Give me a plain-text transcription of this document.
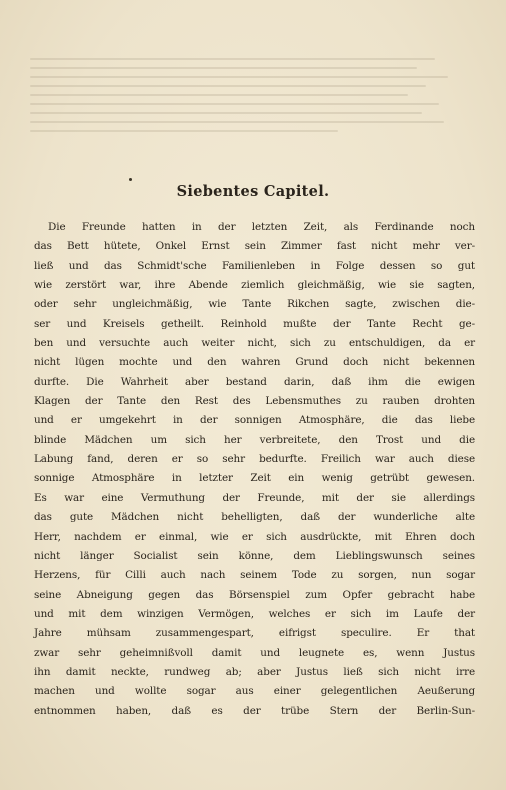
Siebentes Capitel.
Die Freunde hatten in der letzten Zeit, als Ferdinande noch
das Bett hütete, Onkel Ernst sein Zimmer fast nicht mehr ver-
ließ und das Schmidt'sche Familienleben in Folge dessen so gut
wie zerstört war, ihre Abende ziemlich gleichmäßig, wie sie sagten,
oder sehr ungleichmäßig, wie Tante Rikchen sagte, zwischen die-
ser und Kreisels getheilt. Reinhold mußte der Tante Recht ge-
ben und versuchte auch weiter nicht, sich zu entschuldigen, da er
nicht lügen mochte und den wahren Grund doch nicht bekennen
durfte. Die Wahrheit aber bestand darin, daß ihm die ewigen
Klagen der Tante den Rest des Lebensmuthes zu rauben drohten
und er umgekehrt in der sonnigen Atmosphäre, die das liebe
blinde Mädchen um sich her verbreitete, den Trost und die
Labung fand, deren er so sehr bedurfte. Freilich war auch diese
sonnige Atmosphäre in letzter Zeit ein wenig getrübt gewesen.
Es war eine Vermuthung der Freunde, mit der sie allerdings
das gute Mädchen nicht behelligten, daß der wunderliche alte
Herr, nachdem er einmal, wie er sich ausdrückte, mit Ehren doch
nicht länger Socialist sein könne, dem Lieblingswunsch seines
Herzens, für Cilli auch nach seinem Tode zu sorgen, nun sogar
seine Abneigung gegen das Börsenspiel zum Opfer gebracht habe
und mit dem winzigen Vermögen, welches er sich im Laufe der
Jahre mühsam zusammengespart, eifrigst speculire. Er that
zwar sehr geheimnißvoll damit und leugnete es, wenn Justus
ihn damit neckte, rundweg ab; aber Justus ließ sich nicht irre
machen und wollte sogar aus einer gelegentlichen Aeußerung
entnommen haben, daß es der trübe Stern der Berlin-Sun-
